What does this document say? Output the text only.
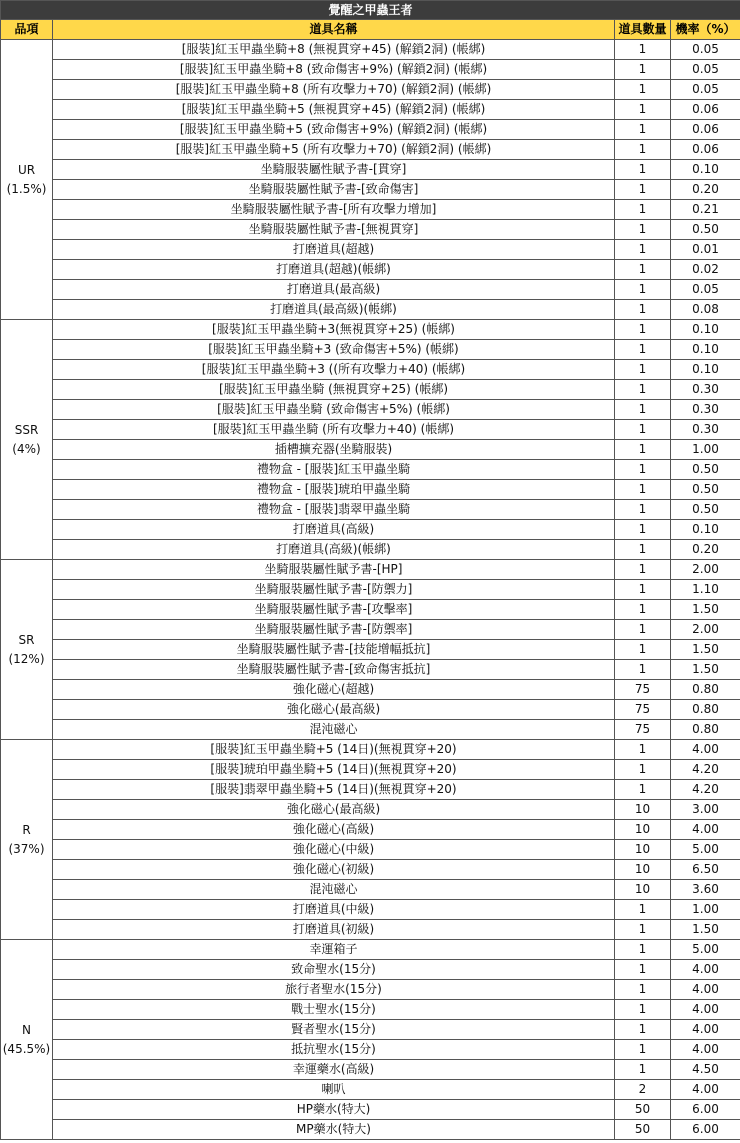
覺醒之甲蟲王者			
品項	道具名稱	道具數量	機率（%）

UR
(1.5%)	[服裝]紅玉甲蟲坐騎+8 (無視貫穿+45) (解鎖2洞) (帳綁)	1	0.05
	[服裝]紅玉甲蟲坐騎+8 (致命傷害+9%) (解鎖2洞) (帳綁)	1	0.05
	[服裝]紅玉甲蟲坐騎+8 (所有攻擊力+70) (解鎖2洞) (帳綁)	1	0.05
	[服裝]紅玉甲蟲坐騎+5 (無視貫穿+45) (解鎖2洞) (帳綁)	1	0.06
	[服裝]紅玉甲蟲坐騎+5 (致命傷害+9%) (解鎖2洞) (帳綁)	1	0.06
	[服裝]紅玉甲蟲坐騎+5 (所有攻擊力+70) (解鎖2洞) (帳綁)	1	0.06
	坐騎服裝屬性賦予書-[貫穿]	1	0.10
	坐騎服裝屬性賦予書-[致命傷害]	1	0.20
	坐騎服裝屬性賦予書-[所有攻擊力增加]	1	0.21
	坐騎服裝屬性賦予書-[無視貫穿]	1	0.50
	打磨道具(超越)	1	0.01
	打磨道具(超越)(帳綁)	1	0.02
	打磨道具(最高級)	1	0.05
	打磨道具(最高級)(帳綁)	1	0.08

SSR
(4%)	[服裝]紅玉甲蟲坐騎+3(無視貫穿+25) (帳綁)	1	0.10
	[服裝]紅玉甲蟲坐騎+3 (致命傷害+5%) (帳綁)	1	0.10
	[服裝]紅玉甲蟲坐騎+3 ((所有攻擊力+40) (帳綁)	1	0.10
	[服裝]紅玉甲蟲坐騎 (無視貫穿+25) (帳綁)	1	0.30
	[服裝]紅玉甲蟲坐騎 (致命傷害+5%) (帳綁)	1	0.30
	[服裝]紅玉甲蟲坐騎 (所有攻擊力+40) (帳綁)	1	0.30
	插槽擴充器(坐騎服裝)	1	1.00
	禮物盒 - [服裝]紅玉甲蟲坐騎	1	0.50
	禮物盒 - [服裝]琥珀甲蟲坐騎	1	0.50
	禮物盒 - [服裝]翡翠甲蟲坐騎	1	0.50
	打磨道具(高級)	1	0.10
	打磨道具(高級)(帳綁)	1	0.20

SR
(12%)	坐騎服裝屬性賦予書-[HP]	1	2.00
	坐騎服裝屬性賦予書-[防禦力]	1	1.10
	坐騎服裝屬性賦予書-[攻擊率]	1	1.50
	坐騎服裝屬性賦予書-[防禦率]	1	2.00
	坐騎服裝屬性賦予書-[技能增幅抵抗]	1	1.50
	坐騎服裝屬性賦予書-[致命傷害抵抗]	1	1.50
	強化磁心(超越)	75	0.80
	強化磁心(最高級)	75	0.80
	混沌磁心	75	0.80

R
(37%)	[服裝]紅玉甲蟲坐騎+5 (14日)(無視貫穿+20)	1	4.00
	[服裝]琥珀甲蟲坐騎+5 (14日)(無視貫穿+20)	1	4.20
	[服裝]翡翠甲蟲坐騎+5 (14日)(無視貫穿+20)	1	4.20
	強化磁心(最高級)	10	3.00
	強化磁心(高級)	10	4.00
	強化磁心(中級)	10	5.00
	強化磁心(初級)	10	6.50
	混沌磁心	10	3.60
	打磨道具(中級)	1	1.00
	打磨道具(初級)	1	1.50

N
(45.5%)	幸運箱子	1	5.00
	致命聖水(15分)	1	4.00
	旅行者聖水(15分)	1	4.00
	戰士聖水(15分)	1	4.00
	賢者聖水(15分)	1	4.00
	抵抗聖水(15分)	1	4.00
	幸運藥水(高級)	1	4.50
	喇叭	2	4.00
	HP藥水(特大)	50	6.00
	MP藥水(特大)	50	6.00
